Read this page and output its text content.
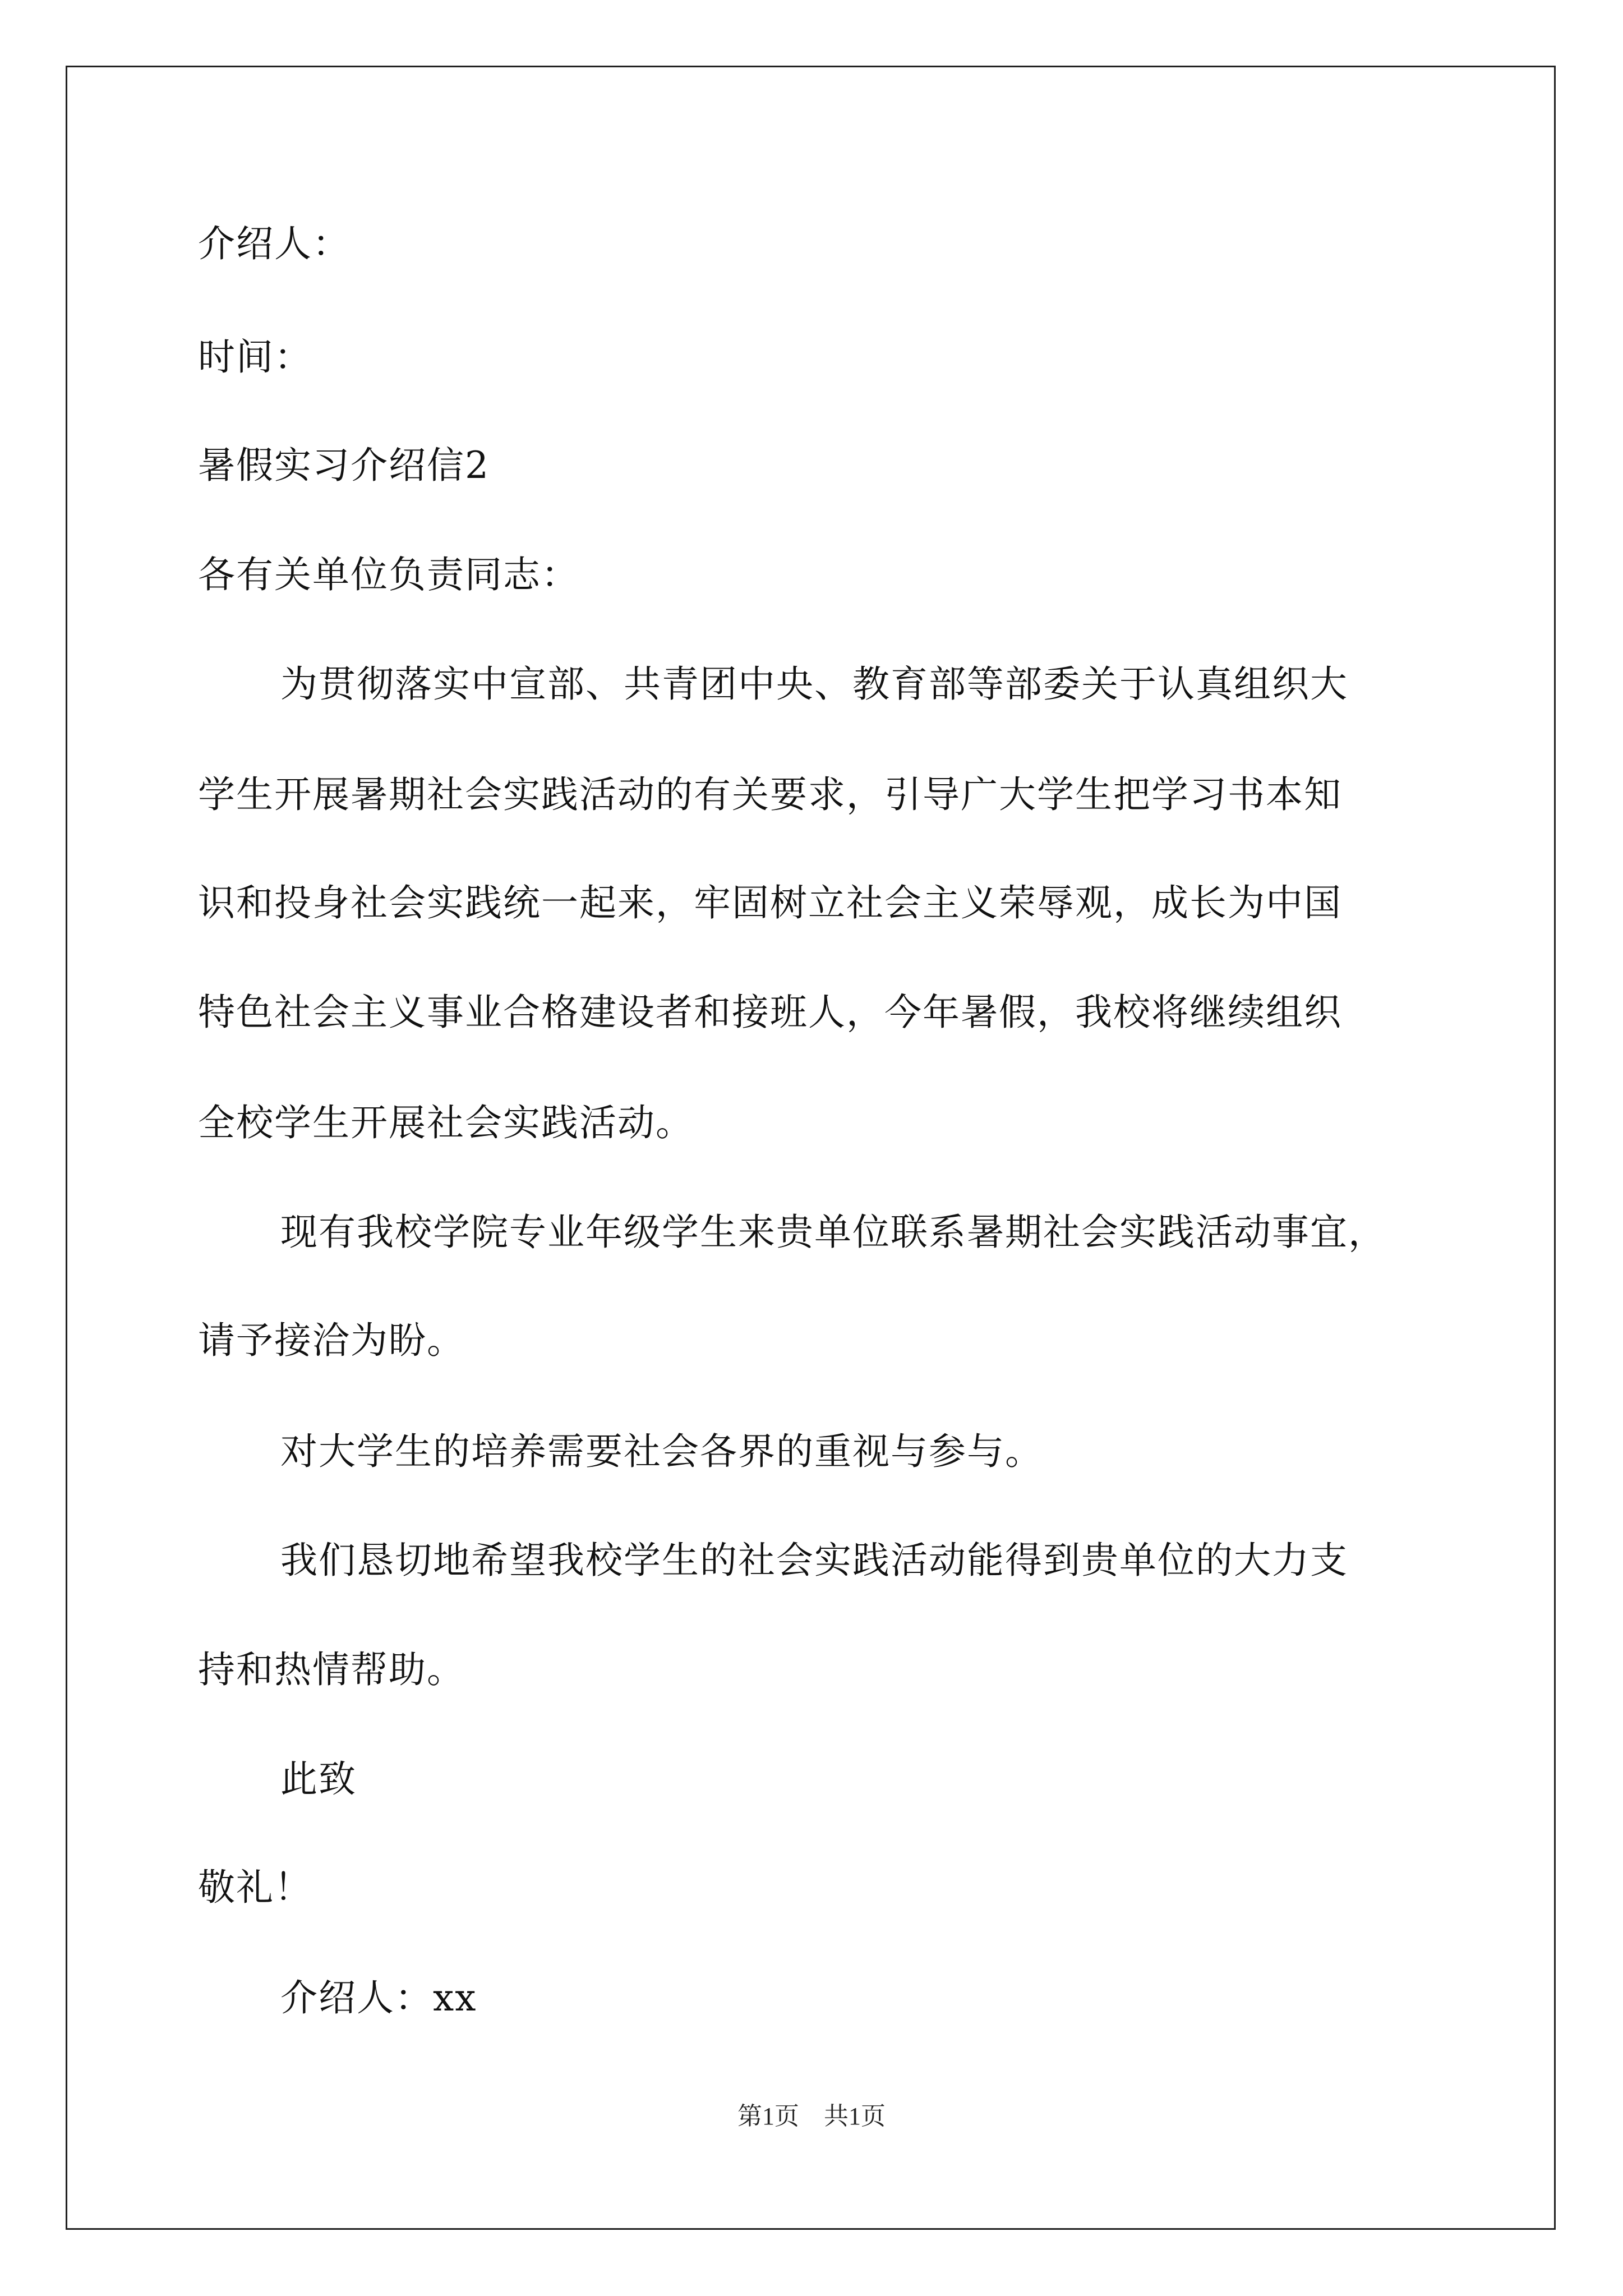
介绍人：
时间：
暑假实习介绍信2
各有关单位负责同志：
为贯彻落实中宣部、共青团中央、教育部等部委关于认真组织大
学生开展暑期社会实践活动的有关要求，引导广大学生把学习书本知
识和投身社会实践统一起来，牢固树立社会主义荣辱观，成长为中国
特色社会主义事业合格建设者和接班人，今年暑假，我校将继续组织
全校学生开展社会实践活动。
现有我校学院专业年级学生来贵单位联系暑期社会实践活动事宜，
请予接洽为盼。
对大学生的培养需要社会各界的重视与参与。
我们恳切地希望我校学生的社会实践活动能得到贵单位的大力支
持和热情帮助。
此致
敬礼！
介绍人：xx
第1页　共1页
